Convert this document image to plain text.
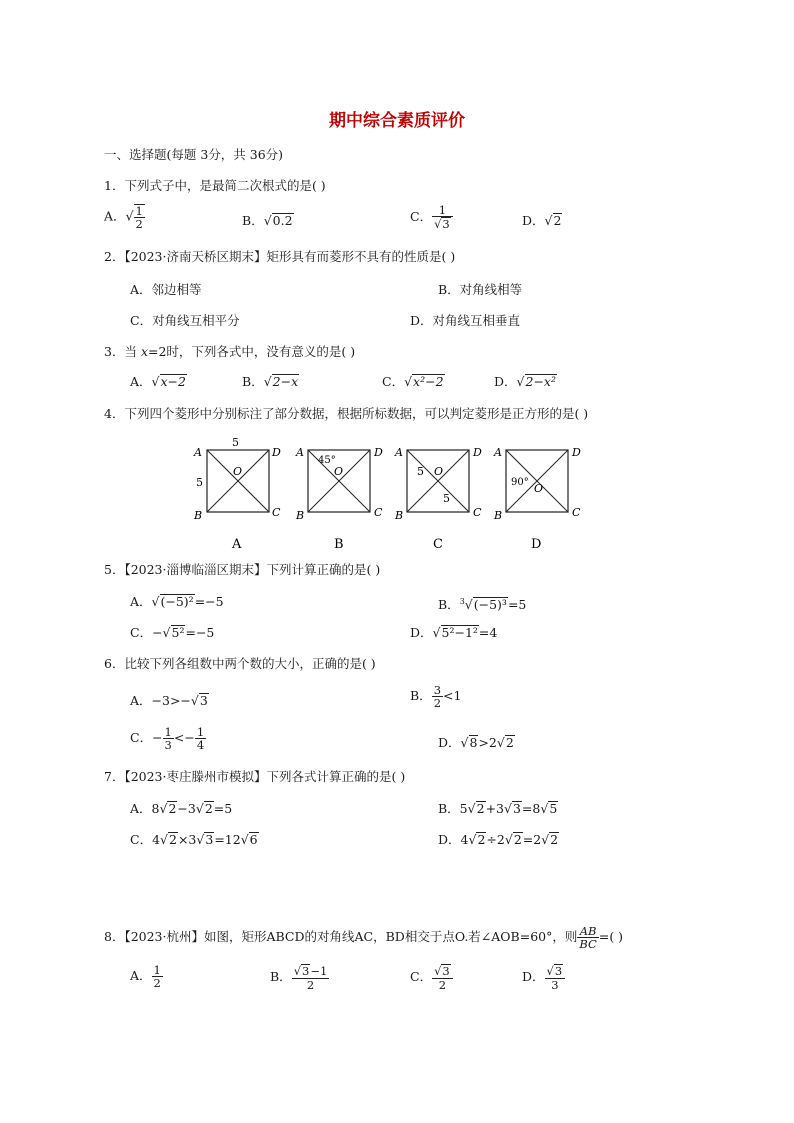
期中综合素质评价
一、选择题(每题 3分，共 36分)
1．下列式子中，是最简二次根式的是( )
A．√ $\frac{1}{2}$	B．√0.2	C． $\frac{1}{√3}$	D．√2
2．【2023·济南天桥区期末】矩形具有而菱形不具有的性质是( )
A．邻边相等	B．对角线相等
C．对角线互相平分	D．对角线互相垂直
3．当 x=2时，下列各式中，没有意义的是( )
A．√x−2	B．√2−x	C．√x²−2	D．√2−x²
4．下列四个菱形中分别标注了部分数据，根据所标数据，可以判定菱形是正方形的是( )
A	D
B	C
O
5
5
A
A	D
B	C
O
45°
B
A	D
B	C
O
5
5
C
A	D
B	C
O
90°
D
5．【2023·淄博临淄区期末】下列计算正确的是( )
A．√(−5)²=−5	B．$^3$√(−5)³=5
C．−√5²=−5	D．√5²−1²=4
6．比较下列各组数中两个数的大小，正确的是( )
A．−3>−√3	B． $\frac{3}{2} <1$
C．− $\frac{1}{3} <- \frac{1}{4}$	D．√8>2√2
7．【2023·枣庄滕州市模拟】下列各式计算正确的是( )
A．8√2−3√2=5	B．5√2+3√3=8√5
C．4√2×3√3=12√6	D．4√2÷2√2=2√2
8．【2023·杭州】如图，矩形ABCD的对角线AC，BD相交于点O.若∠AOB=60°，则 $\frac{AB}{BC}$ =( )
A． $\frac{1}{2}$	B． $\frac{√3-1}{2}$	C． $\frac{√3}{2}$	D． $\frac{√3}{3}$
